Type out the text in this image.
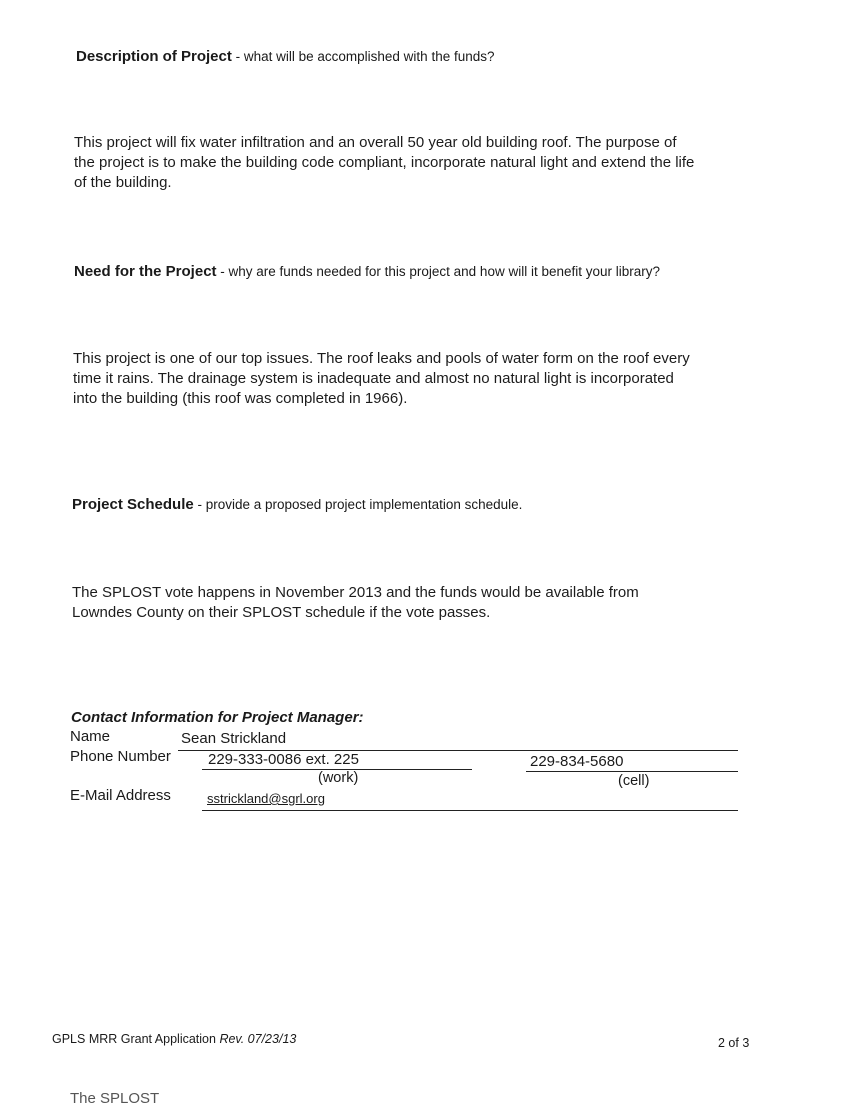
Description of Project - what will be accomplished with the funds?
This project will fix water infiltration and an overall 50 year old building roof. The purpose of
the project is to make the building code compliant, incorporate natural light and extend the life
of the building.
Need for the Project - why are funds needed for this project and how will it benefit your library?
This project is one of our top issues. The roof leaks and pools of water form on the roof every
time it rains. The drainage system is inadequate and almost no natural light is incorporated
into the building (this roof was completed in 1966).
Project Schedule - provide a proposed project implementation schedule.
The SPLOST vote happens in November 2013 and the funds would be available from
Lowndes County on their SPLOST schedule if the vote passes.
Contact Information for Project Manager:
Name	Sean Strickland
Phone Number 229-333-0086 ext. 225	229-834-5680
(work)	(cell)
E-Mail Address	sstrickland@sgrl.org
GPLS MRR Grant Application Rev. 07/23/13	2 of 3
The SPLOST
